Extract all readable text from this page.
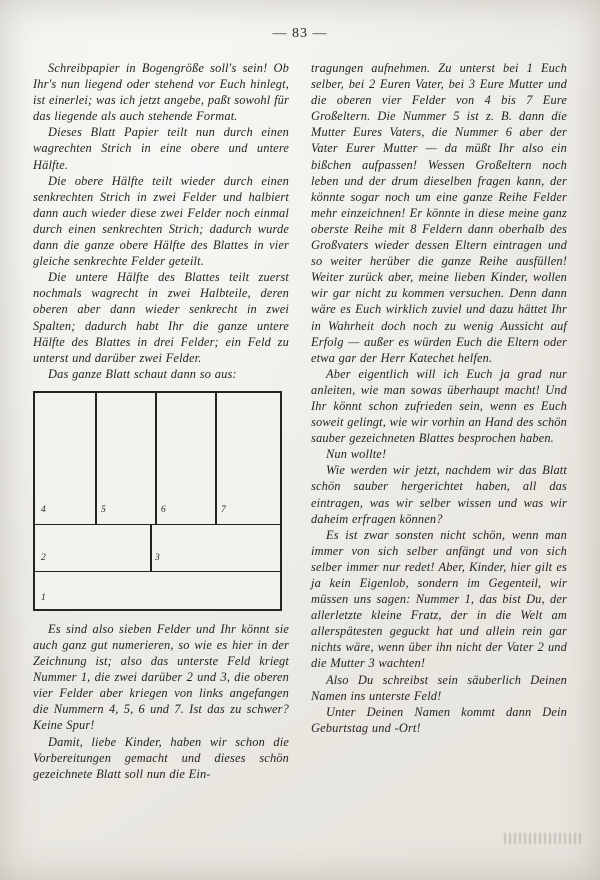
— 83 —

Schreibpapier in Bogengröße soll's sein! Ob Ihr's nun liegend oder stehend vor Euch hinlegt, ist einerlei; was ich jetzt angebe, paßt sowohl für das liegende als auch stehende Format.

Dieses Blatt Papier teilt nun durch einen wagrechten Strich in eine obere und untere Hälfte.

Die obere Hälfte teilt wieder durch einen senkrechten Strich in zwei Felder und halbiert dann auch wieder diese zwei Felder noch einmal durch einen senkrechten Strich; dadurch wurde dann die ganze obere Hälfte des Blattes in vier gleiche senkrechte Felder geteilt.

Die untere Hälfte des Blattes teilt zuerst nochmals wagrecht in zwei Halbteile, deren oberen aber dann wieder senkrecht in zwei Spalten; dadurch habt Ihr die ganze untere Hälfte des Blattes in drei Felder; ein Feld zu unterst und darüber zwei Felder.

Das ganze Blatt schaut dann so aus:

4	5	6	7
2	3
1

Es sind also sieben Felder und Ihr könnt sie auch ganz gut numerieren, so wie es hier in der Zeichnung ist; also das unterste Feld kriegt Nummer 1, die zwei darüber 2 und 3, die oberen vier Felder aber kriegen von links angefangen die Nummern 4, 5, 6 und 7. Ist das zu schwer? Keine Spur!

Damit, liebe Kinder, haben wir schon die Vorbereitungen gemacht und dieses schön gezeichnete Blatt soll nun die Ein-

tragungen aufnehmen. Zu unterst bei 1 Euch selber, bei 2 Euren Vater, bei 3 Eure Mutter und die oberen vier Felder von 4 bis 7 Eure Großeltern. Die Nummer 5 ist z. B. dann die Mutter Eures Vaters, die Nummer 6 aber der Vater Eurer Mutter — da müßt Ihr also ein bißchen aufpassen! Wessen Großeltern noch leben und der drum dieselben fragen kann, der könnte sogar noch um eine ganze Reihe Felder mehr einzeichnen! Er könnte in diese meine ganz oberste Reihe mit 8 Feldern dann oberhalb des Großvaters wieder dessen Eltern eintragen und so weiter herüber die ganze Reihe ausfüllen! Weiter zurück aber, meine lieben Kinder, wollen wir gar nicht zu kommen versuchen. Denn dann wäre es Euch wirklich zuviel und dazu hättet Ihr in Wahrheit doch noch zu wenig Aussicht auf Erfolg — außer es würden Euch die Eltern oder etwa gar der Herr Katechet helfen.

Aber eigentlich will ich Euch ja grad nur anleiten, wie man sowas überhaupt macht! Und Ihr könnt schon zufrieden sein, wenn es Euch soweit gelingt, wie wir vorhin an Hand des schön sauber gezeichneten Blattes besprochen haben.

Nun wollte!

Wie werden wir jetzt, nachdem wir das Blatt schön sauber hergerichtet haben, all das eintragen, was wir selber wissen und was wir daheim erfragen können?

Es ist zwar sonsten nicht schön, wenn man immer von sich selber anfängt und von sich selber immer nur redet! Aber, Kinder, hier gilt es ja kein Eigenlob, sondern im Gegenteil, wir müssen uns sagen: Nummer 1, das bist Du, der allerletzte kleine Fratz, der in die Welt am allerspätesten geguckt hat und allein rein gar nichts wäre, wenn über ihn nicht der Vater 2 und die Mutter 3 wachten!

Also Du schreibst sein säuberlich Deinen Namen ins unterste Feld!

Unter Deinen Namen kommt dann Dein Geburtstag und -Ort!
